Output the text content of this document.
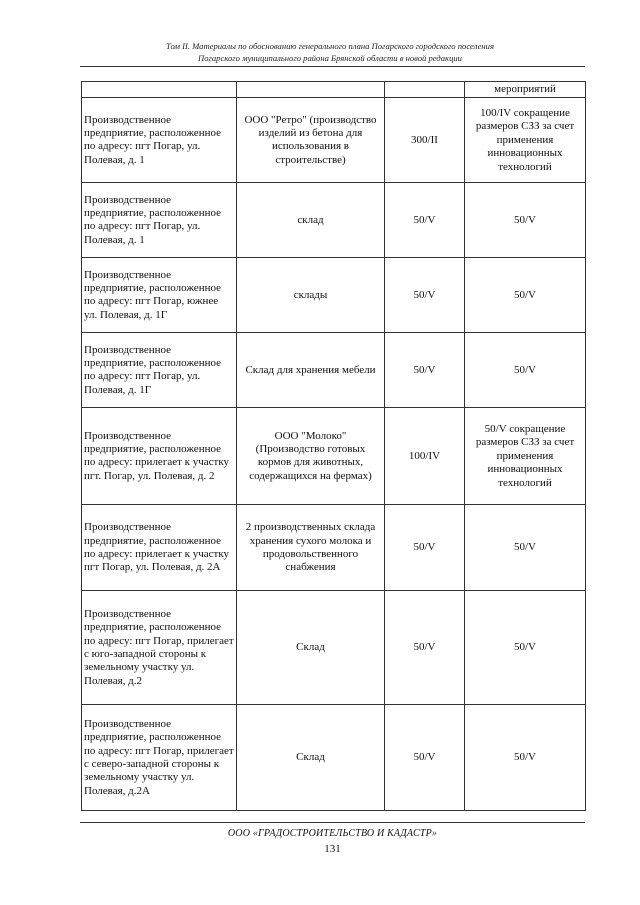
Том II. Материалы по обоснованию генерального плана Погарского городского поселения
Погарского муниципального района Брянской области в новой редакции
			мероприятий
Производственное предприятие, расположенное по адресу: пгт Погар, ул. Полевая, д. 1	ООО "Ретро" (производство изделий из бетона для использования в строительстве)	300/II	100/IV сокращение размеров СЗЗ за счет применения инновационных технологий
Производственное предприятие, расположенное по адресу: пгт Погар, ул. Полевая, д. 1	склад	50/V	50/V
Производственное предприятие, расположенное по адресу: пгт Погар, южнее ул. Полевая, д. 1Г	склады	50/V	50/V
Производственное предприятие, расположенное по адресу: пгт Погар, ул. Полевая, д. 1Г	Склад для хранения мебели	50/V	50/V
Производственное предприятие, расположенное по адресу: прилегает к участку пгт. Погар, ул. Полевая, д. 2	ООО "Молоко" (Производство готовых кормов для животных, содержащихся на фермах)	100/IV	50/V сокращение размеров СЗЗ за счет применения инновационных технологий
Производственное предприятие, расположенное по адресу: прилегает к участку пгт Погар, ул. Полевая, д. 2А	2 производственных склада хранения сухого молока и продовольственного снабжения	50/V	50/V
Производственное предприятие, расположенное по адресу: пгт Погар, прилегает с юго-западной стороны к земельному участку ул. Полевая, д.2	Склад	50/V	50/V
Производственное предприятие, расположенное по адресу: пгт Погар, прилегает с северо-западной стороны к земельному участку ул. Полевая, д.2А	Склад	50/V	50/V
ООО «ГРАДОСТРОИТЕЛЬСТВО И КАДАСТР»
131
